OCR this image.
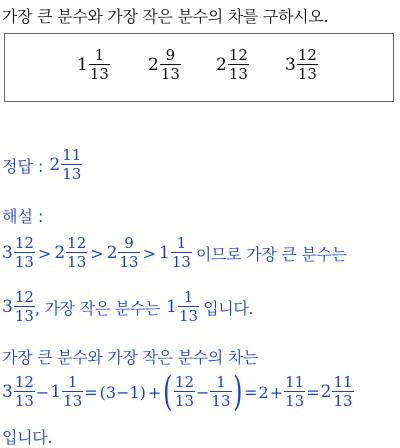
가장 큰 분수와 가장 작은 분수의 차를 구하시오.
$1 \frac{1}{13} 2 \frac{9}{13} 2 \frac{12}{13} 3 \frac{12}{13}$
정답 : $2 \frac{11}{13}$
해설 :
$3 \frac{12}{13} > 2 \frac{12}{13} > 2 \frac{9}{13} > 1 \frac{1}{13}$ 이므로 가장 큰 분수는
$3 \frac{12}{13}$ , 가장 작은 분수는 $1 \frac{1}{13}$ 입니다.
가장 큰 분수와 가장 작은 분수의 차는
$3 \frac{12}{13} - 1 \frac{1}{13} = (3-1)$ + ( $\frac{12}{13} - \frac{1}{13}$ ) = $2 + \frac{11}{13} = 2 \frac{11}{13}$
입니다.
